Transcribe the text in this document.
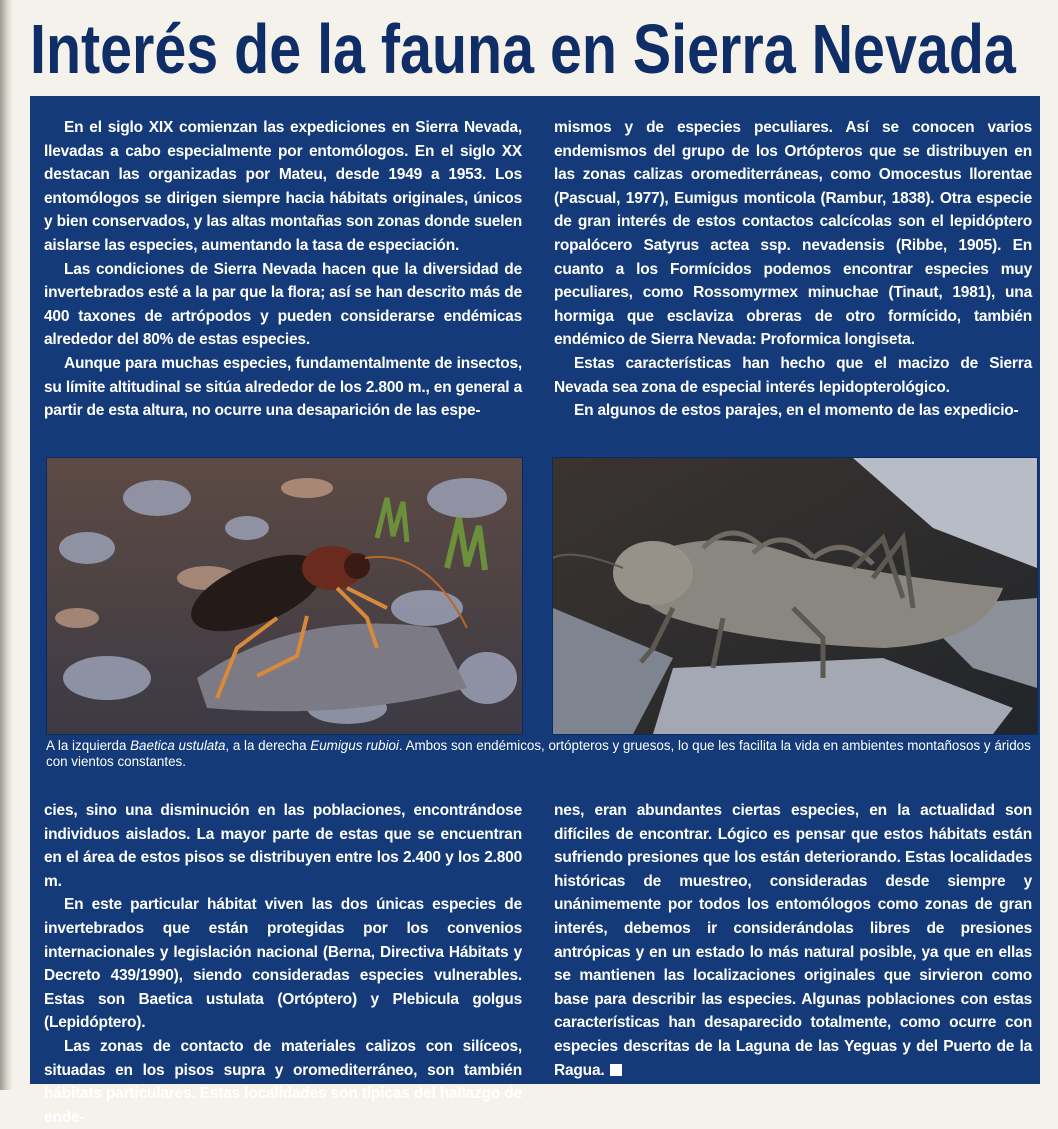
Interés de la fauna en Sierra Nevada

En el siglo XIX comienzan las expediciones en Sierra Nevada, llevadas a cabo especialmente por entomólogos. En el siglo XX destacan las organizadas por Mateu, desde 1949 a 1953. Los entomólogos se dirigen siempre hacia hábitats originales, únicos y bien conservados, y las altas montañas son zonas donde suelen aislarse las especies, aumentando la tasa de especiación.

Las condiciones de Sierra Nevada hacen que la diversidad de invertebrados esté a la par que la flora; así se han descrito más de 400 taxones de artrópodos y pueden considerarse endémicas alrededor del 80% de estas especies.

Aunque para muchas especies, fundamentalmente de insectos, su límite altitudinal se sitúa alrededor de los 2.800 m., en general a partir de esta altura, no ocurre una desaparición de las espe-

mismos y de especies peculiares. Así se conocen varios endemismos del grupo de los Ortópteros que se distribuyen en las zonas calizas oromediterráneas, como Omocestus llorentae (Pascual, 1977), Eumigus monticola (Rambur, 1838). Otra especie de gran interés de estos contactos calcícolas son el lepidóptero ropalócero Satyrus actea ssp. nevadensis (Ribbe, 1905). En cuanto a los Formícidos podemos encontrar especies muy peculiares, como Rossomyrmex minuchae (Tinaut, 1981), una hormiga que esclaviza obreras de otro formícido, también endémico de Sierra Nevada: Proformica longiseta.

Estas características han hecho que el macizo de Sierra Nevada sea zona de especial interés lepidopterológico.

En algunos de estos parajes, en el momento de las expedicio-

A la izquierda Baetica ustulata, a la derecha Eumigus rubioi. Ambos son endémicos, ortópteros y gruesos, lo que les facilita la vida en ambientes montañosos y áridos con vientos constantes.

cies, sino una disminución en las poblaciones, encontrándose individuos aislados. La mayor parte de estas que se encuentran en el área de estos pisos se distribuyen entre los 2.400 y los 2.800 m.

En este particular hábitat viven las dos únicas especies de invertebrados que están protegidas por los convenios internacionales y legislación nacional (Berna, Directiva Hábitats y Decreto 439/1990), siendo consideradas especies vulnerables. Estas son Baetica ustulata (Ortóptero) y Plebicula golgus (Lepidóptero).

Las zonas de contacto de materiales calizos con silíceos, situadas en los pisos supra y oromediterráneo, son también hábitats particulares. Estas localidades son típicas del hallazgo de ende-

nes, eran abundantes ciertas especies, en la actualidad son difíciles de encontrar. Lógico es pensar que estos hábitats están sufriendo presiones que los están deteriorando. Estas localidades históricas de muestreo, consideradas desde siempre y unánimemente por todos los entomólogos como zonas de gran interés, debemos ir considerándolas libres de presiones antrópicas y en un estado lo más natural posible, ya que en ellas se mantienen las localizaciones originales que sirvieron como base para describir las especies. Algunas poblaciones con estas características han desaparecido totalmente, como ocurre con especies descritas de la Laguna de las Yeguas y del Puerto de la Ragua.
